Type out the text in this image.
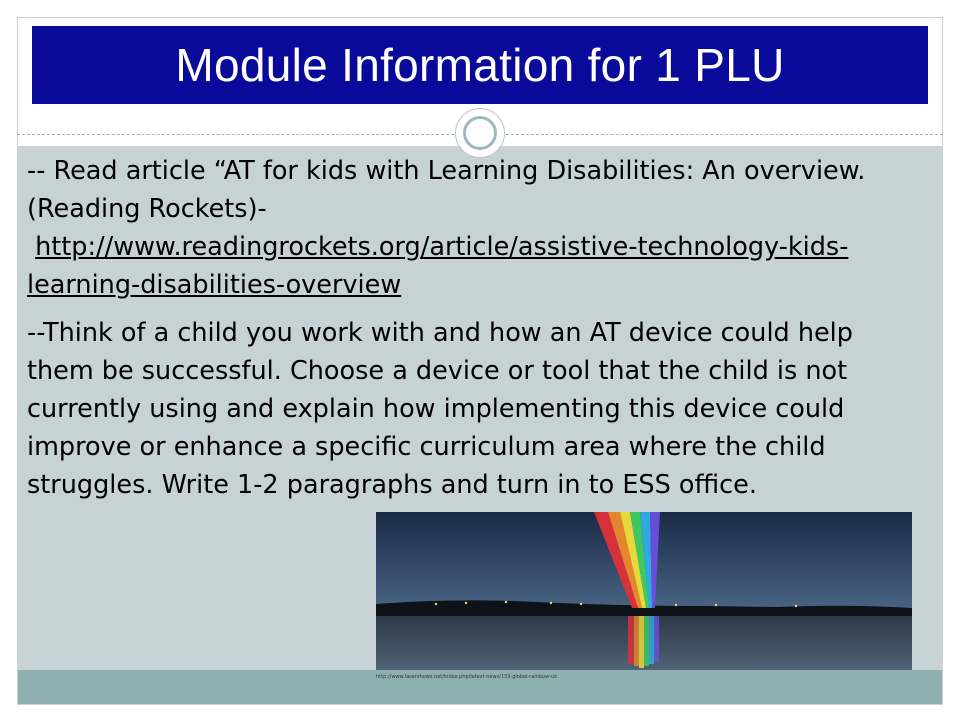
Module Information for 1 PLU

-- Read article “AT for kids with Learning Disabilities: An overview. (Reading Rockets)-
http://www.readingrockets.org/article/assistive-technology-kids-learning-disabilities-overview

--Think of a child you work with and how an AT device could help them be successful. Choose a device or tool that the child is not currently using and explain how implementing this device could improve or enhance a specific curriculum area where the child struggles. Write 1-2 paragraphs and turn in to ESS office.

http://www.lasershows.net/index.php/latest-news/133-global-rainbow-uk
